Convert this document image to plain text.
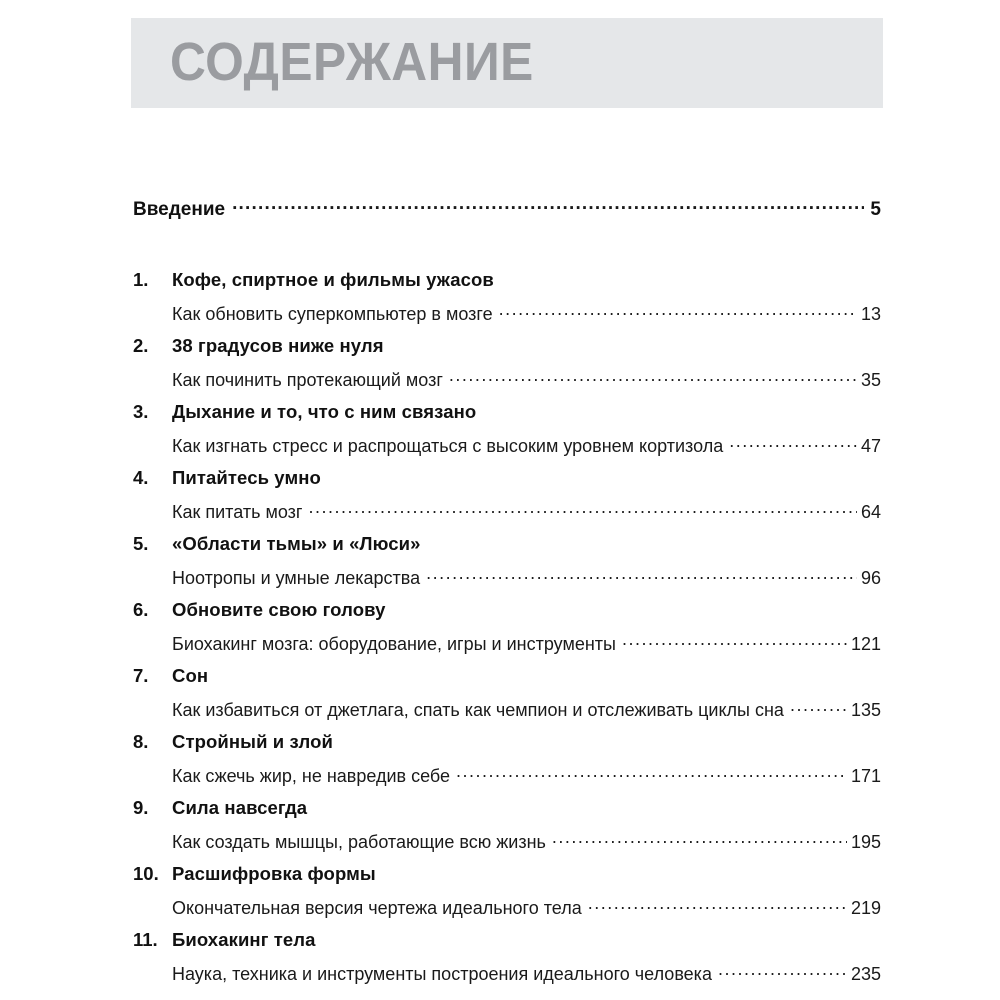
СОДЕРЖАНИЕ
Введение .....	5
1.	Кофе, спиртное и фильмы ужасов
Как обновить суперкомпьютер в мозге .....	13
2.	38 градусов ниже нуля
Как починить протекающий мозг .....	35
3.	Дыхание и то, что с ним связано
Как изгнать стресс и распрощаться с высоким уровнем кортизола .....	47
4.	Питайтесь умно
Как питать мозг .....	64
5.	«Области тьмы» и «Люси»
Ноотропы и умные лекарства .....	96
6.	Обновите свою голову
Биохакинг мозга: оборудование, игры и инструменты .....	121
7.	Сон
Как избавиться от джетлага, спать как чемпион и отслеживать циклы сна .....	135
8.	Стройный и злой
Как сжечь жир, не навредив себе .....	171
9.	Сила навсегда
Как создать мышцы, работающие всю жизнь .....	195
10. Расшифровка формы
Окончательная версия чертежа идеального тела .....	219
11. Биохакинг тела
Наука, техника и инструменты построения идеального человека .....	235
